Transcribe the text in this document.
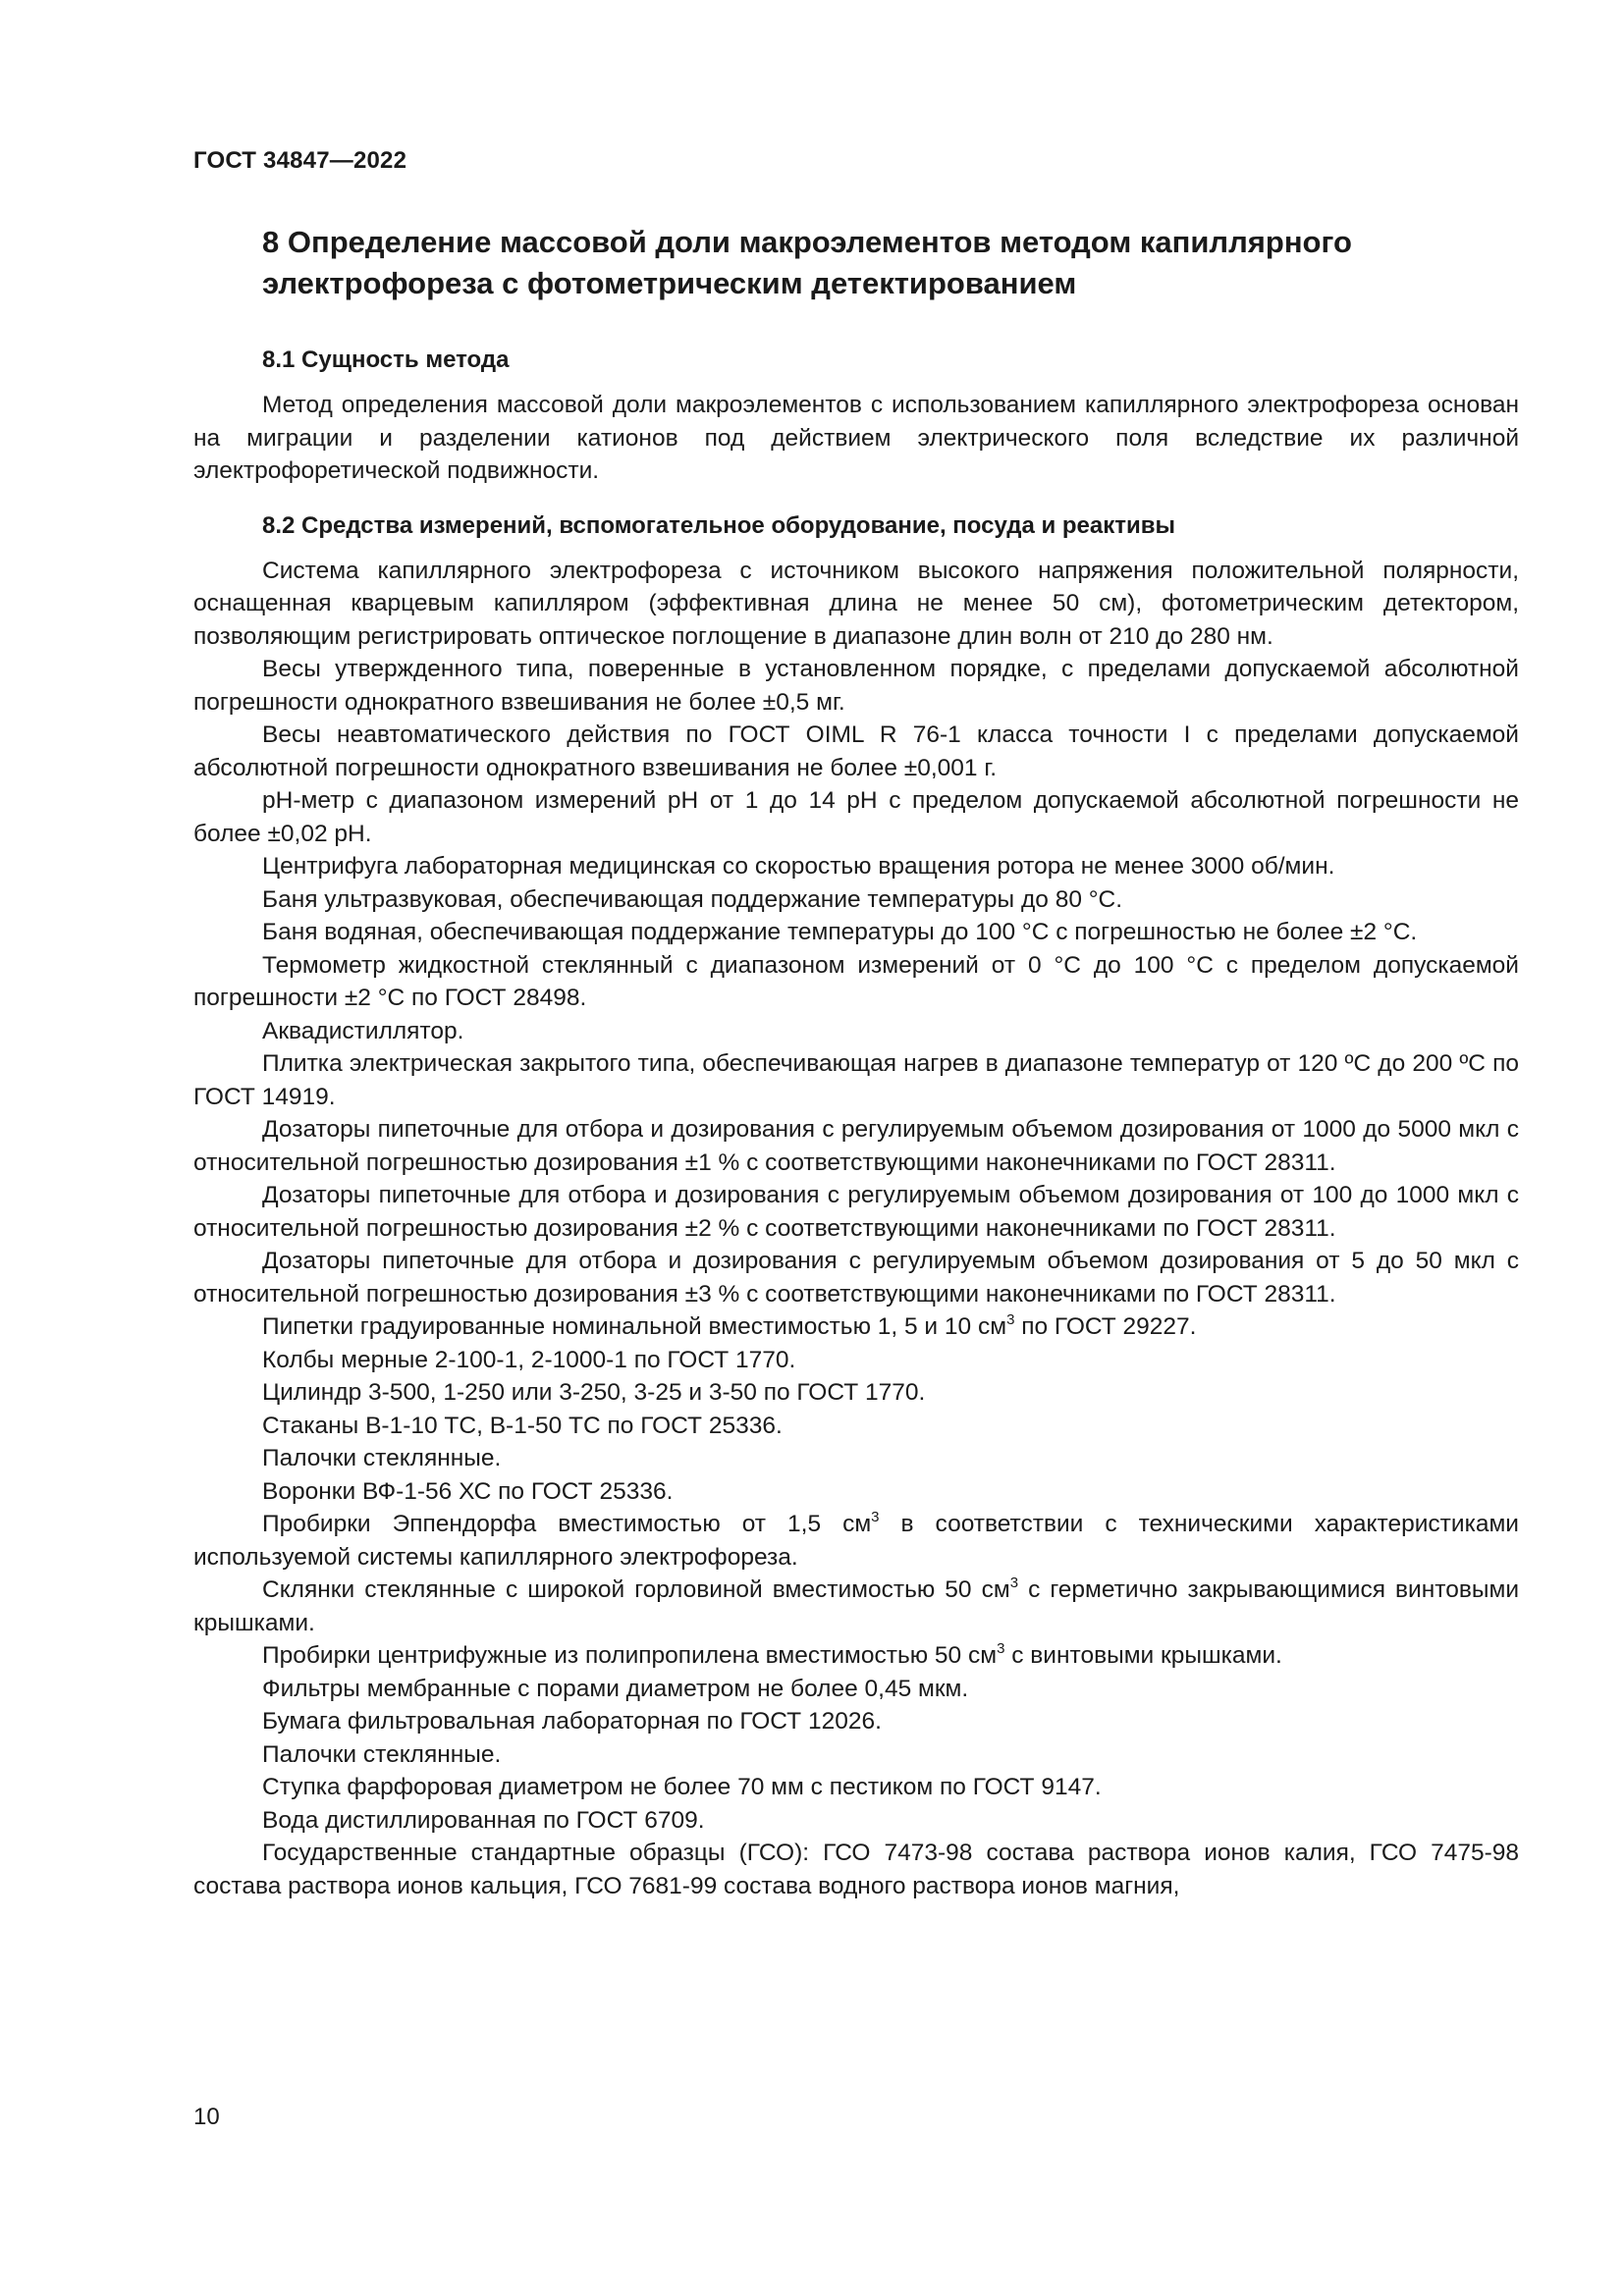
ГОСТ 34847—2022
8 Определение массовой доли макроэлементов методом капиллярного
электрофореза с фотометрическим детектированием
8.1 Сущность метода

Метод определения массовой доли макроэлементов с использованием капиллярного электрофореза основан на миграции и разделении катионов под действием электрического поля вследствие их различной электрофоретической подвижности.

8.2 Средства измерений, вспомогательное оборудование, посуда и реактивы

Система капиллярного электрофореза с источником высокого напряжения положительной полярности, оснащенная кварцевым капилляром (эффективная длина не менее 50 см), фотометрическим детектором, позволяющим регистрировать оптическое поглощение в диапазоне длин волн от 210 до 280 нм.

Весы утвержденного типа, поверенные в установленном порядке, с пределами допускаемой абсолютной погрешности однократного взвешивания не более ±0,5 мг.

Весы неавтоматического действия по ГОСТ OIML R 76-1 класса точности I с пределами допускаемой абсолютной погрешности однократного взвешивания не более ±0,001 г.

pH-метр с диапазоном измерений pH от 1 до 14 pH с пределом допускаемой абсолютной погрешности не более ±0,02 pH.

Центрифуга лабораторная медицинская со скоростью вращения ротора не менее 3000 об/мин.

Баня ультразвуковая, обеспечивающая поддержание температуры до 80 °С.

Баня водяная, обеспечивающая поддержание температуры до 100 °С с погрешностью не более ±2 °С.

Термометр жидкостной стеклянный с диапазоном измерений от 0 °С до 100 °С с пределом допускаемой погрешности ±2 °С по ГОСТ 28498.

Аквадистиллятор.

Плитка электрическая закрытого типа, обеспечивающая нагрев в диапазоне температур от 120 ºС до 200 ºС по ГОСТ 14919.

Дозаторы пипеточные для отбора и дозирования с регулируемым объемом дозирования от 1000 до 5000 мкл с относительной погрешностью дозирования ±1 % с соответствующими наконечниками по ГОСТ 28311.

Дозаторы пипеточные для отбора и дозирования с регулируемым объемом дозирования от 100 до 1000 мкл с относительной погрешностью дозирования ±2 % с соответствующими наконечниками по ГОСТ 28311.

Дозаторы пипеточные для отбора и дозирования с регулируемым объемом дозирования от 5 до 50 мкл с относительной погрешностью дозирования ±3 % с соответствующими наконечниками по ГОСТ 28311.

Пипетки градуированные номинальной вместимостью 1, 5 и 10 $см^3$ по ГОСТ 29227.

Колбы мерные 2-100-1, 2-1000-1 по ГОСТ 1770.

Цилиндр 3-500, 1-250 или 3-250, 3-25 и 3-50 по ГОСТ 1770.

Стаканы В-1-10 ТС, В-1-50 ТС по ГОСТ 25336.

Палочки стеклянные.

Воронки ВФ-1-56 ХС по ГОСТ 25336.

Пробирки Эппендорфа вместимостью от 1,5 $см^3$ в соответствии с техническими характеристиками используемой системы капиллярного электрофореза.

Склянки стеклянные с широкой горловиной вместимостью 50 $см^3$ с герметично закрывающимися винтовыми крышками.

Пробирки центрифужные из полипропилена вместимостью 50 $см^3$ с винтовыми крышками.

Фильтры мембранные с порами диаметром не более 0,45 мкм.

Бумага фильтровальная лабораторная по ГОСТ 12026.

Палочки стеклянные.

Ступка фарфоровая диаметром не более 70 мм с пестиком по ГОСТ 9147.

Вода дистиллированная по ГОСТ 6709.

Государственные стандартные образцы (ГСО): ГСО 7473-98 состава раствора ионов калия, ГСО 7475-98 состава раствора ионов кальция, ГСО 7681-99 состава водного раствора ионов магния,

10
